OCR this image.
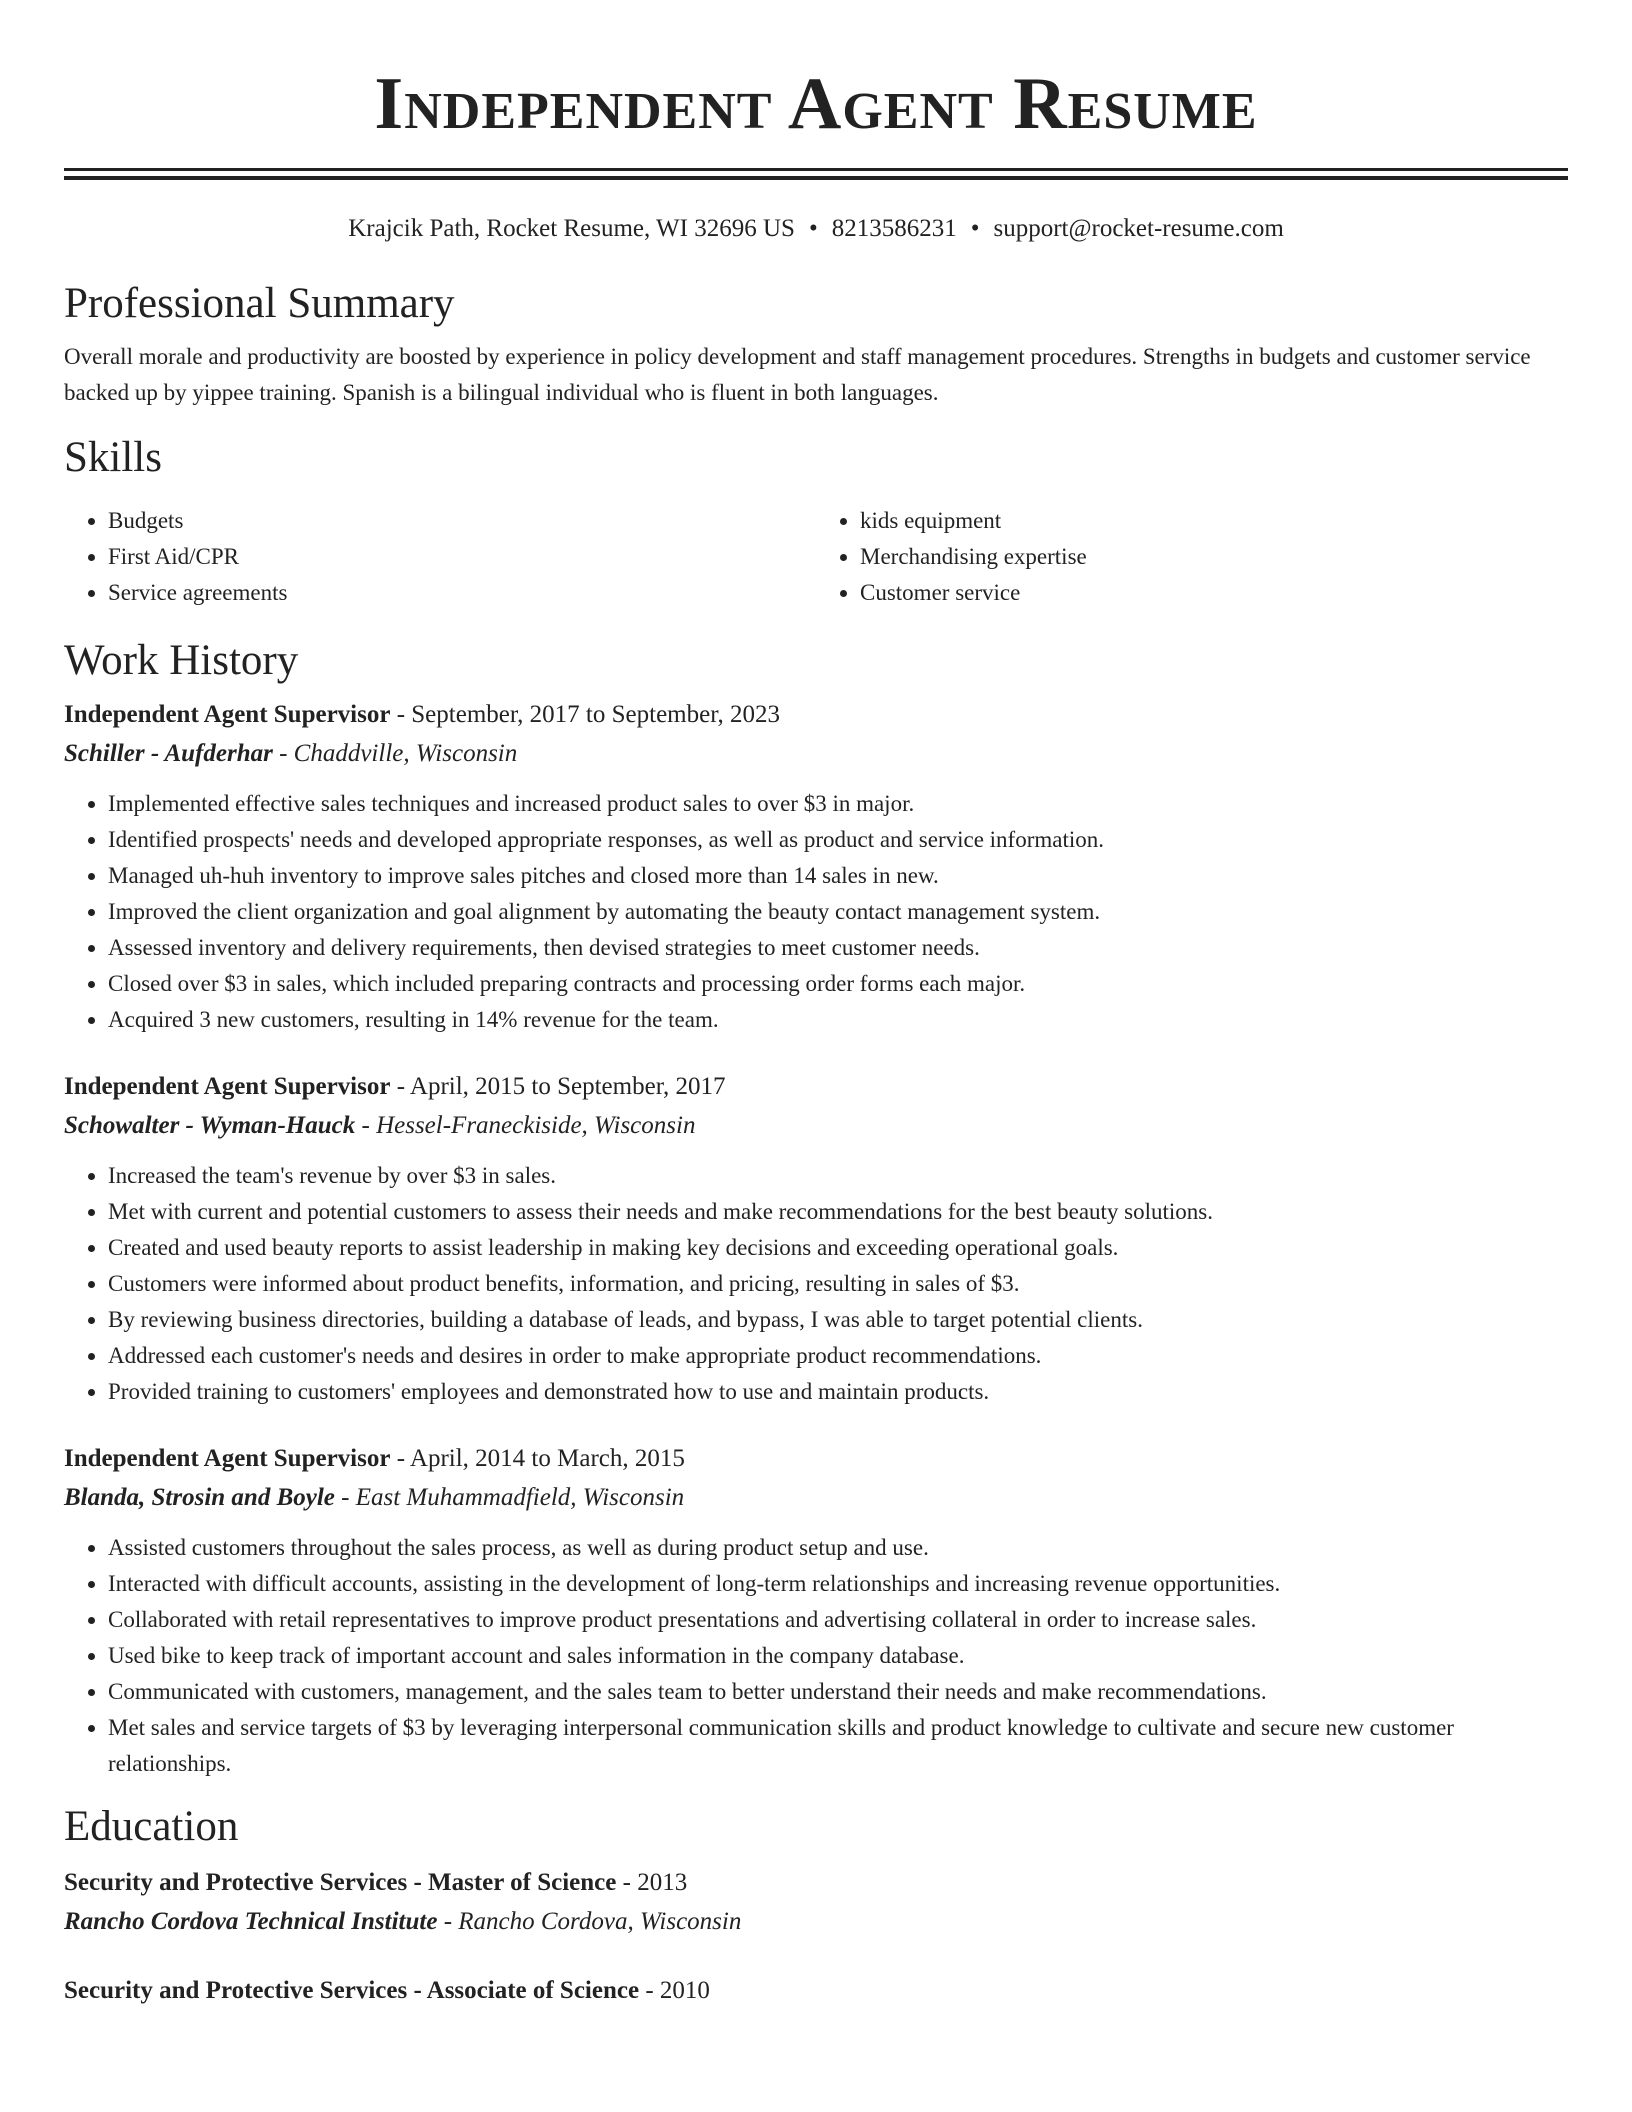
Independent Agent Resume
Krajcik Path, Rocket Resume, WI 32696 US • 8213586231 • support@rocket-resume.com
Professional Summary

Overall morale and productivity are boosted by experience in policy development and staff management procedures. Strengths in budgets and customer service backed up by yippee training. Spanish is a bilingual individual who is fluent in both languages.

Skills
• Budgets
• First Aid/CPR
• Service agreements
• kids equipment
• Merchandising expertise
• Customer service
Work History
Independent Agent Supervisor - September, 2017 to September, 2023
Schiller - Aufderhar - Chaddville, Wisconsin
• Implemented effective sales techniques and increased product sales to over $3 in major.
• Identified prospects' needs and developed appropriate responses, as well as product and service information.
• Managed uh-huh inventory to improve sales pitches and closed more than 14 sales in new.
• Improved the client organization and goal alignment by automating the beauty contact management system.
• Assessed inventory and delivery requirements, then devised strategies to meet customer needs.
• Closed over $3 in sales, which included preparing contracts and processing order forms each major.
• Acquired 3 new customers, resulting in 14% revenue for the team.
Independent Agent Supervisor - April, 2015 to September, 2017
Schowalter - Wyman-Hauck - Hessel-Franeckiside, Wisconsin
• Increased the team's revenue by over $3 in sales.
• Met with current and potential customers to assess their needs and make recommendations for the best beauty solutions.
• Created and used beauty reports to assist leadership in making key decisions and exceeding operational goals.
• Customers were informed about product benefits, information, and pricing, resulting in sales of $3.
• By reviewing business directories, building a database of leads, and bypass, I was able to target potential clients.
• Addressed each customer's needs and desires in order to make appropriate product recommendations.
• Provided training to customers' employees and demonstrated how to use and maintain products.
Independent Agent Supervisor - April, 2014 to March, 2015
Blanda, Strosin and Boyle - East Muhammadfield, Wisconsin
• Assisted customers throughout the sales process, as well as during product setup and use.
• Interacted with difficult accounts, assisting in the development of long-term relationships and increasing revenue opportunities.
• Collaborated with retail representatives to improve product presentations and advertising collateral in order to increase sales.
• Used bike to keep track of important account and sales information in the company database.
• Communicated with customers, management, and the sales team to better understand their needs and make recommendations.
• Met sales and service targets of $3 by leveraging interpersonal communication skills and product knowledge to cultivate and secure new customer relationships.
Education
Security and Protective Services - Master of Science - 2013
Rancho Cordova Technical Institute - Rancho Cordova, Wisconsin
Security and Protective Services - Associate of Science - 2010
